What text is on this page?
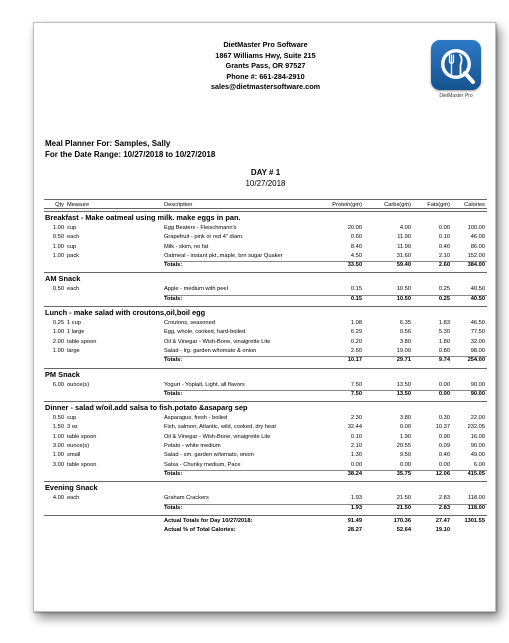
DietMaster Pro Software
1867 Williams Hwy, Suite 215
Grants Pass, OR 97527
Phone #: 661-284-2910
sales@dietmastersoftware.com
DietMaster Pro
Meal Planner For: Samples, Sally
For the Date Range: 10/27/2018 to 10/27/2018
DAY # 1
10/27/2018
Qty Measure	Description	Protein(gm)	Carbs(gm)	Fats(gm)	Calories
Breakfast - Make oatmeal using milk. make eggs in pan.
1.00 cup	Egg Beaters - Fleischmann's	20.00	4.00	0.00	100.00
0.50 each	Grapefruit - pink or red 4" diam.	0.60	11.90	0.10	46.00
1.00 cup	Milk - skim, no fat	8.40	11.90	0.40	86.00
1.00 pack	Oatmeal - instant pkt.,maple, brn sugar Quaker	4.50	31.60	2.10	152.00
Totals:	33.50	59.40	2.60	384.00
AM Snack
0.50 each	Apple - medium with peel	0.15	10.50	0.25	40.50
Totals:	0.15	10.50	0.25	40.50
Lunch - make salad with croutons,oil,boil egg
0.25 1 cup	Croutons, seasoned	1.08	6.35	1.83	46.50
1.00 1 large	Egg, whole, cooked, hard-boiled	6.29	0.56	5.30	77.50
2.00 table spoon	Oil & Vinegar - Wish-Bone, vinaigrette Lite	0.20	3.80	1.80	32.00
1.00 large	Salad - lrg. garden w/tomato & onion	2.60	19.00	0.80	98.00
Totals:	10.17	29.71	9.74	254.00
PM Snack
6.00 ounce(s)	Yogurt - Yoplait, Light, all flavors	7.50	13.50	0.00	90.00
Totals:	7.50	13.50	0.00	90.00
Dinner - salad w/oil.add salsa to fish.potato &asaparg sep
0.50 cup	Asparagus, fresh - boiled	2.30	3.80	0.30	22.00
1.50 3 oz	Fish, salmon, Atlantic, wild, cooked, dry heat	32.44	0.00	10.37	232.05
1.00 table spoon	Oil & Vinegar - Wish-Bone, vinaigrette Lite	0.10	1.90	0.90	16.00
3.00 ounce(s)	Potato - white medium	2.10	20.55	0.09	90.00
1.00 small	Salad - sm. garden w/tomato, onion	1.30	9.50	0.40	49.00
3.00 table spoon	Salsa - Chunky medium, Pace	0.00	0.00	0.00	6.00
Totals:	38.24	35.75	12.06	415.05
Evening Snack
4.00 each	Graham Crackers	1.93	21.50	2.83	118.00
Totals:	1.93	21.50	2.83	118.00
Actual Totals for Day 10/27/2018:	91.49	170.36	27.47	1301.55
Actual % of Total Calories:	28.27	52.64	19.10
